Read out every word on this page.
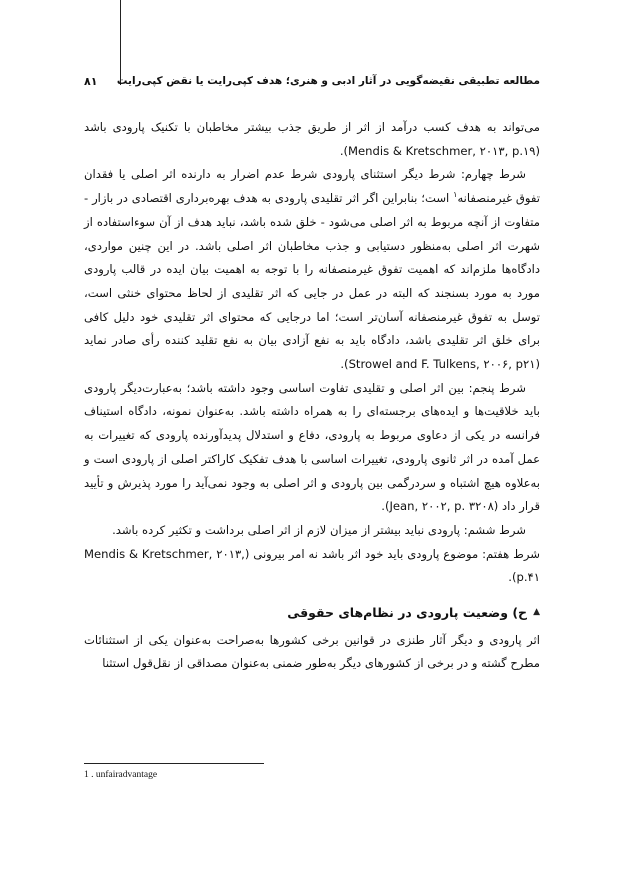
۸۱ مطالعه تطبیقی نقیضه‌گویی در آثار ادبی و هنری؛ هدف کپی‌رایت یا نقض کپی‌رایت

می‌تواند به هدف کسب درآمد از اثر از طریق جذب بیشتر مخاطبان با تکنیک پارودی باشد (Mendis & Kretschmer, ۲۰۱۳, p.۱۹).

شرط چهارم: شرط دیگر استثنای پارودی شرط عدم اضرار به دارنده اثر اصلی یا فقدان تفوق غیرمنصفانه$^۱$ است؛ بنابراین اگر اثر تقلیدی پارودی به هدف بهره‌برداری اقتصادی در بازار - متفاوت از آنچه مربوط به اثر اصلی می‌شود - خلق شده باشد، نباید هدف از آن سوءاستفاده از شهرت اثر اصلی به‌منظور دستیابی و جذب مخاطبان اثر اصلی باشد. در این چنین مواردی، دادگاه‌ها ملزم‌اند که اهمیت تفوق غیرمنصفانه را با توجه به اهمیت بیان ایده در قالب پارودی مورد به مورد بسنجند که البته در عمل در جایی که اثر تقلیدی از لحاظ محتوای خنثی است، توسل به تفوق غیرمنصفانه آسان‌تر است؛ اما درجایی که محتوای اثر تقلیدی خود دلیل کافی برای خلق اثر تقلیدی باشد، دادگاه باید به نفع آزادی بیان به نفع تقلید کننده رأی صادر نماید (Strowel and F. Tulkens, ۲۰۰۶, p۲۱).

شرط پنجم: بین اثر اصلی و تقلیدی تفاوت اساسی وجود داشته باشد؛ به‌عبارت‌دیگر پارودی باید خلاقیت‌ها و ایده‌های برجسته‌ای را به همراه داشته باشد. به‌عنوان نمونه، دادگاه استیناف فرانسه در یکی از دعاوی مربوط به پارودی، دفاع و استدلال پدیدآورنده پارودی که تغییرات به عمل آمده در اثر ثانوی پارودی، تغییرات اساسی با هدف تفکیک کاراکتر اصلی از پارودی است و به‌علاوه هیچ اشتباه و سردرگمی بین پارودی و اثر اصلی به وجود نمی‌آید را مورد پذیرش و تأیید قرار داد (Jean, ۲۰۰۲, p. ۳۲۰۸).

شرط ششم: پارودی نباید بیشتر از میزان لازم از اثر اصلی برداشت و تکثیر کرده باشد.

شرط هفتم: موضوع پارودی باید خود اثر باشد نه امر بیرونی (Mendis & Kretschmer, ۲۰۱۳, p.۴۱).

▲
ح) وضعیت پارودی در نظام‌های حقوقی

اثر پارودی و دیگر آثار طنزی در قوانین برخی کشورها به‌صراحت به‌عنوان یکی از استثنائات مطرح گشته و در برخی از کشورهای دیگر به‌طور ضمنی به‌عنوان مصداقی از نقل‌قول استثنا

1 . unfairadvantage
